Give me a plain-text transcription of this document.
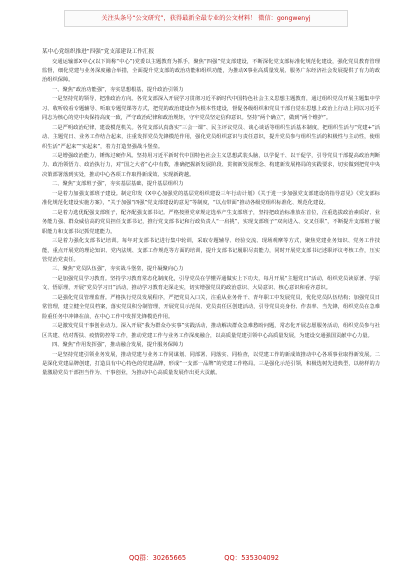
关注头条号“公文研究”，获得最新全最专业的公文材料！ 微信：gongwenyj

某中心党组织推进“四强”党支部建设工作汇报

交通运输部X中心(以下简称“中心”)党委以主题教育为抓手，聚焦“四强”党支部建设，不断深化党支部标准化规范化建设，强化党员教育管理监督，细化党建与业务深度融合举措，全面提升党支部的政治功能和组织功能，为推动X事业高质量发展、服务广东经济社会发展提供了有力的政治组织保障。

一、聚焦“政治功能强”，夯实思想根基，提升政治引领力

一是坚持党的领导，把准政治方向。各党支部深入开展学习贯彻习近平新时代中国特色社会主义思想主题教育，通过组织党员开展主题集中学习、收听收看专题辅导、听取专题党课等方式，把党的政治建设作为根本性建设，督促各级组织和党员干部自觉在思想上政治上行动上同以习近平同志为核心的党中央保持高度一致，严守政治纪律和政治规矩，守牢党员坚定信仰意识。坚持“两个确立”，做到“两个维护”。

二是严明政治纪律，建设模范机关。各党支部认真落实“三会一课”、民主评议党员、谈心谈话等组织生活基本制度，把组织生活与“党建+”活动、主题党日、业务工作结合起来，注重发挥党员先锋模范作用，强化党员组织意识与责任意识，提升党员参与组织生活的积极性与主动性，使组织生活“严起来”“实起来”，着力打造坚强战斗堡垒。

三是增强政治能力，锤炼过硬作风。坚持用习近平新时代中国特色社会主义思想武装头脑，以学促干、以干促学，引导党员干部提高政治判断力、政治领悟力、政治执行力，对“国之大者”心中有数，准确把握新发展阶段、贯彻新发展理念、构建新发展格局的实践要求，切实做到把党中央决策部署落到实处，推动中心各项工作取得新成效、实现新跨越。

二、聚焦“支部班子强”，夯实基层基础，提升基层组织力

一是着力加强支部班子建设。制定印发《X中心加强党的基层党组织建设三年行动计划》《关于进一步加强党支部建设的指导意见》《党支部标准化规范化建设实施方案》，“关于加强“四强”党支部建设的意见”等制度，“以点带面”推动各级党组织标准化、规范化建设。

二是着力选优配强支部班子，配齐配强支部书记。严格按照党章规定选举产生支部班子，坚持把政治标准放在首位，注重选拔政治素质好、业务能力强、群众威信高的党员担任支部书记，推行党支部书记和行政负责人“一肩挑”，实现支部班子“双向进入、交叉任职”，不断提升支部班子履职能力和支部书记抓党建能力。

三是着力强化支部书记培训。每年对支部书记进行集中轮训，采取专题辅导、经验交流、现场观摩等方式，聚焦党建业务知识、党务工作技能，重点开展党的理论知识、党内法规、支部工作规范等方面的培训，提升支部书记履职尽责能力，同时开展党支部书记述职评议考核工作，压实管党治党责任。

三、聚焦“党员队伍强”，夯实战斗堡垒，提升凝聚向心力

一是加强党员学习教育。坚持学习教育常态化制度化，引导党员在学懂弄通做实上下功夫，每月开展“主题党日”活动，组织党员读原著、学原文、悟原理，开展“党员学习日”活动，推动学习教育走深走实，切实增强党员的政治意识、大局意识、核心意识和看齐意识。

二是强化党员管理监督。严格执行党员发展程序，严把党员入口关，注重从业务骨干、青年职工中发展党员，优化党员队伍结构；加强党员日常管理，建立健全党员档案，落实党员积分制管理，开展党员示范岗、党员责任区创建活动，引导党员亮身份、作表率、当先锋，组织党员在急难险重任务中冲锋在前，在中心工作中发挥先锋模范作用。

三是激发党员干事创业动力。深入开展“我为群众办实事”实践活动，推动解决群众急难愁盼问题，常态化开展志愿服务活动，组织党员参与社区共建、结对帮扶、疫情防控等工作，推动党建工作与业务工作深度融合，以高质量党建引领中心高质量发展，为建设交通强国贡献中心力量。

四、聚焦“作用发挥强”，推动融合发展，提升服务保障力

一是坚持党建引领业务发展，推动党建与业务工作同谋划、同部署、同落实、同检查，以党建工作的新成效推动中心各项事业取得新发展。二是深化党建品牌创建，打造具有中心特色的党建品牌，形成“一支部一品牌”的党建工作格局。三是强化示范引领，积极选树先进典型，以榜样的力量激励党员干部担当作为、干事创业，为推动中心高质量发展作出更大贡献。

QQ群：30265665	QQ：535304092
